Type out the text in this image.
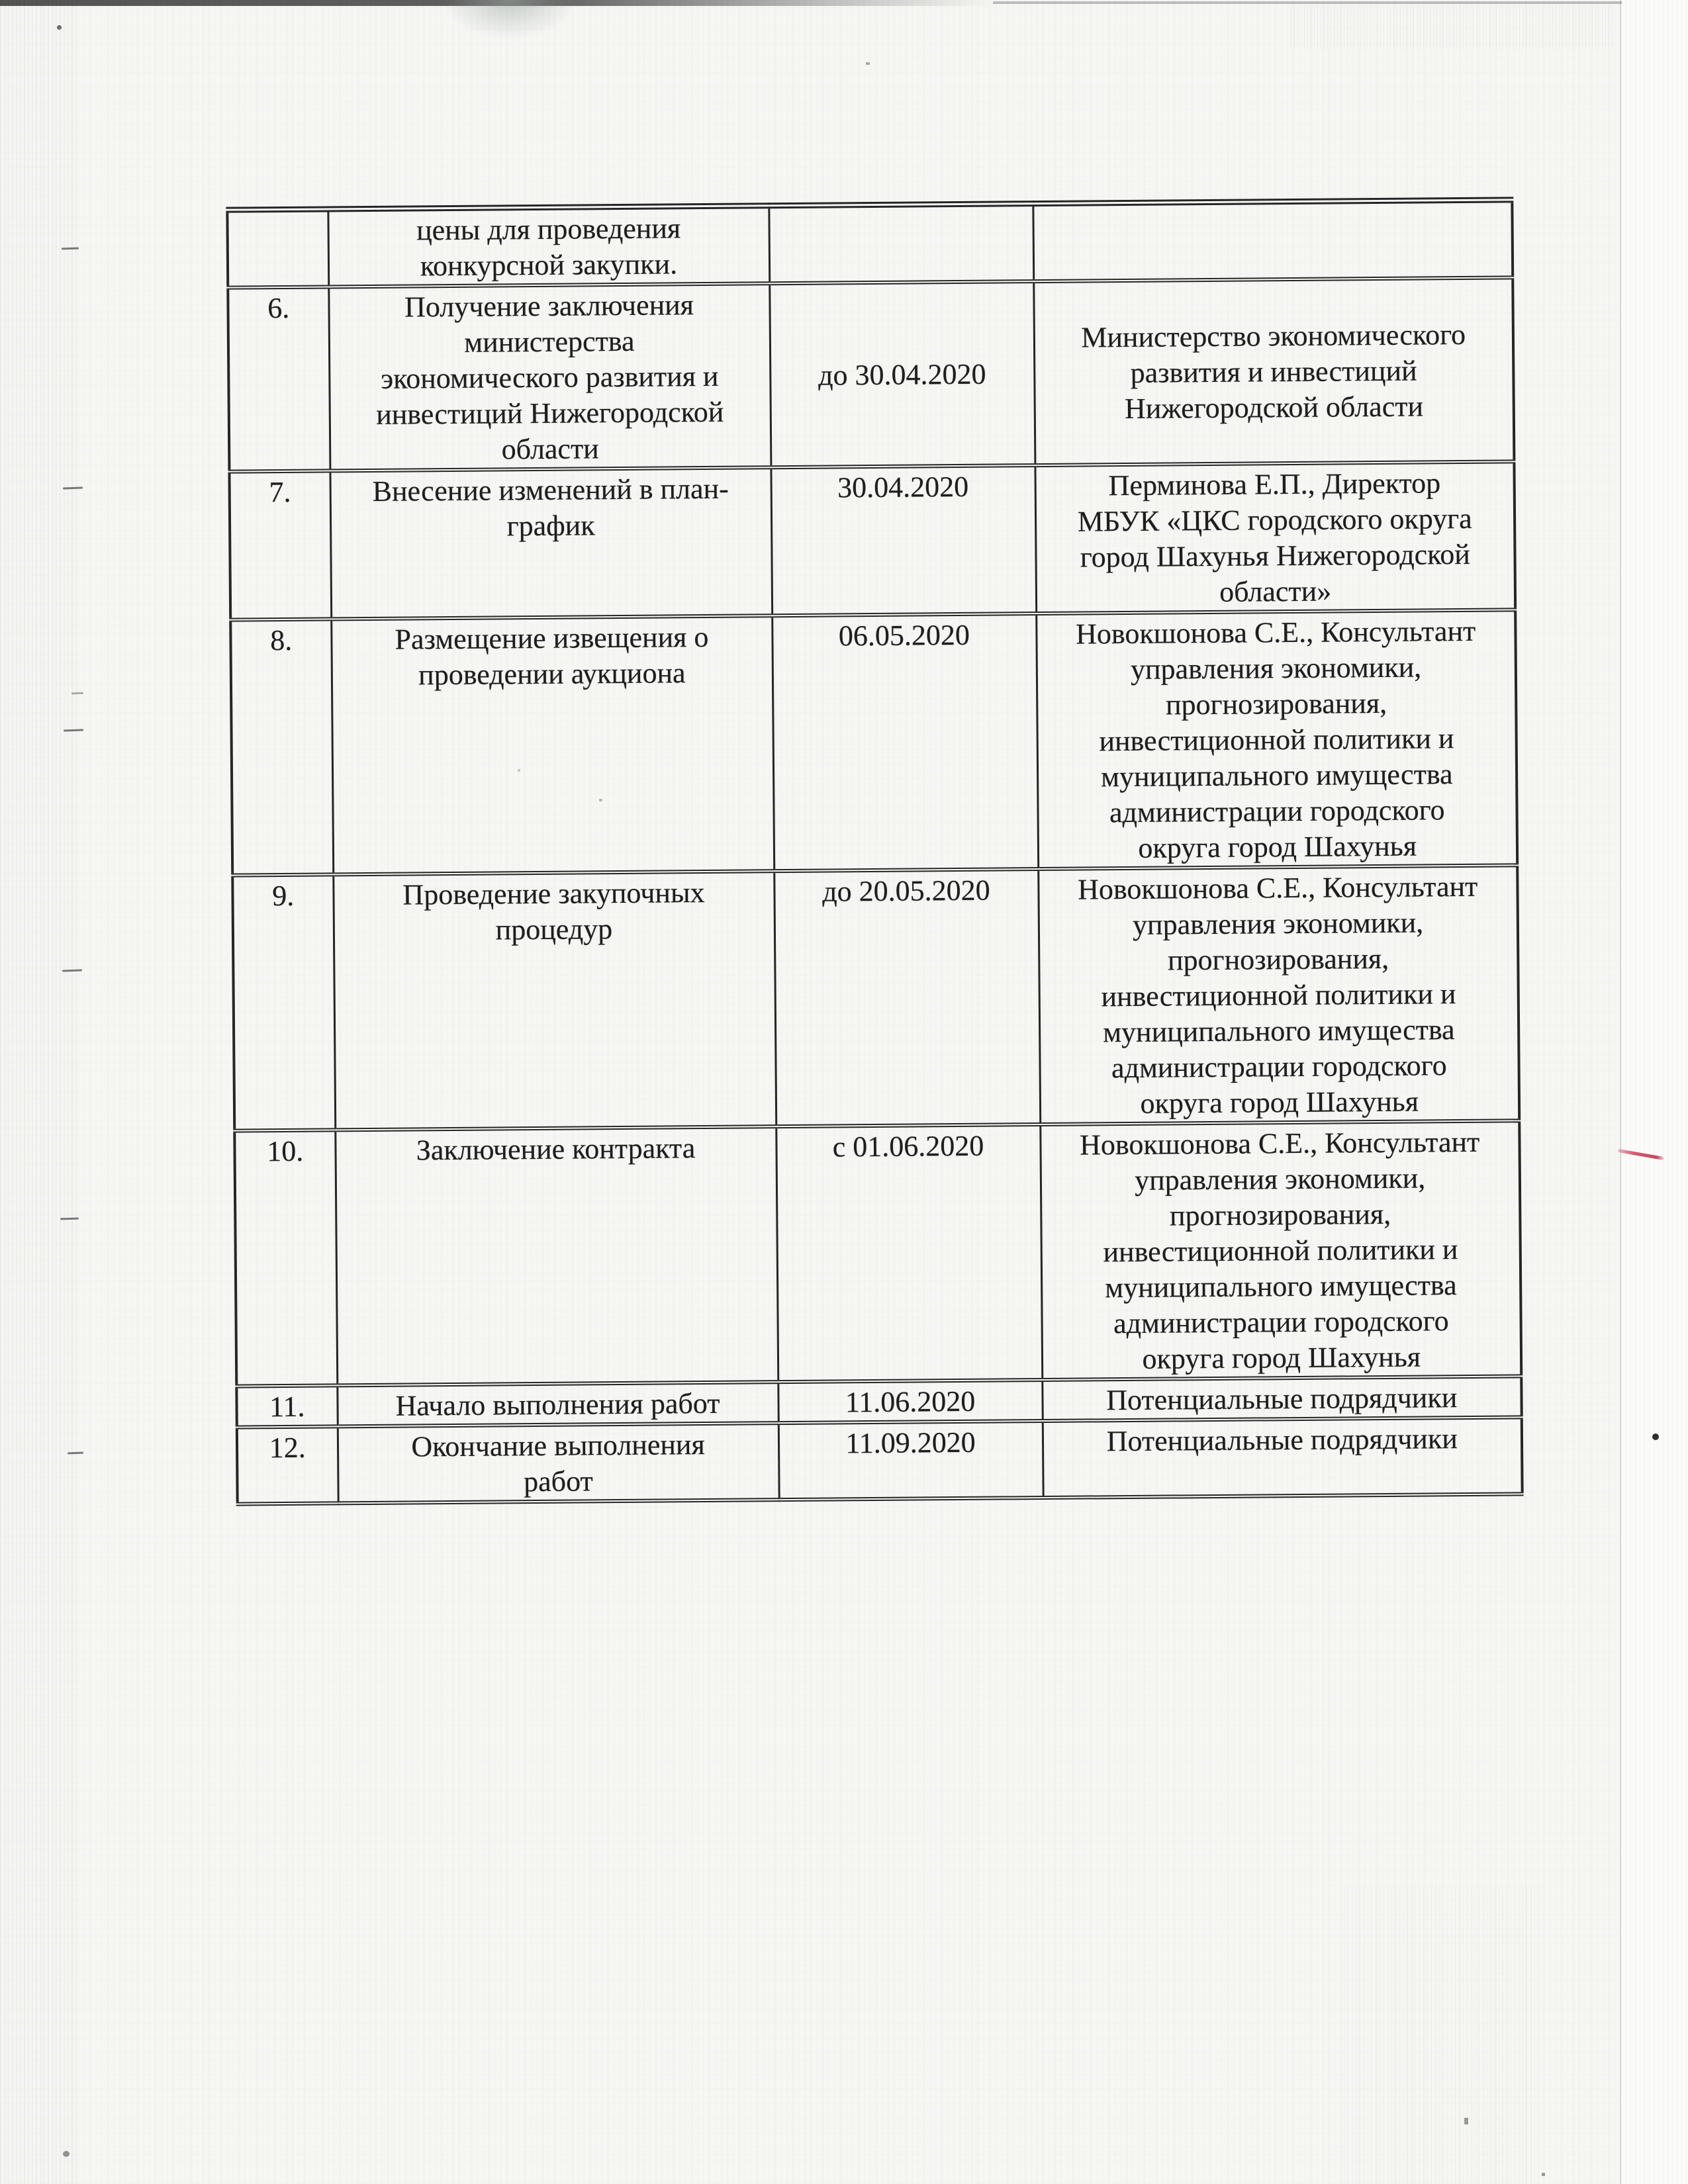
	цены для проведения
конкурсной закупки.		
6.	Получение заключения
министерства
экономического развития и
инвестиций Нижегородской
области	до 30.04.2020	Министерство экономического
развития и инвестиций
Нижегородской области
7.	Внесение изменений в план-
график	30.04.2020	Перминова Е.П., Директор
МБУК «ЦКС городского округа
город Шахунья Нижегородской
области»
8.	Размещение извещения о
проведении аукциона	06.05.2020	Новокшонова С.Е., Консультант
управления экономики,
прогнозирования,
инвестиционной политики и
муниципального имущества
администрации городского
округа город Шахунья
9.	Проведение закупочных
процедур	до 20.05.2020	Новокшонова С.Е., Консультант
управления экономики,
прогнозирования,
инвестиционной политики и
муниципального имущества
администрации городского
округа город Шахунья
10.	Заключение контракта	с 01.06.2020	Новокшонова С.Е., Консультант
управления экономики,
прогнозирования,
инвестиционной политики и
муниципального имущества
администрации городского
округа город Шахунья
11.	Начало выполнения работ	11.06.2020	Потенциальные подрядчики
12.	Окончание выполнения
работ	11.09.2020	Потенциальные подрядчики
